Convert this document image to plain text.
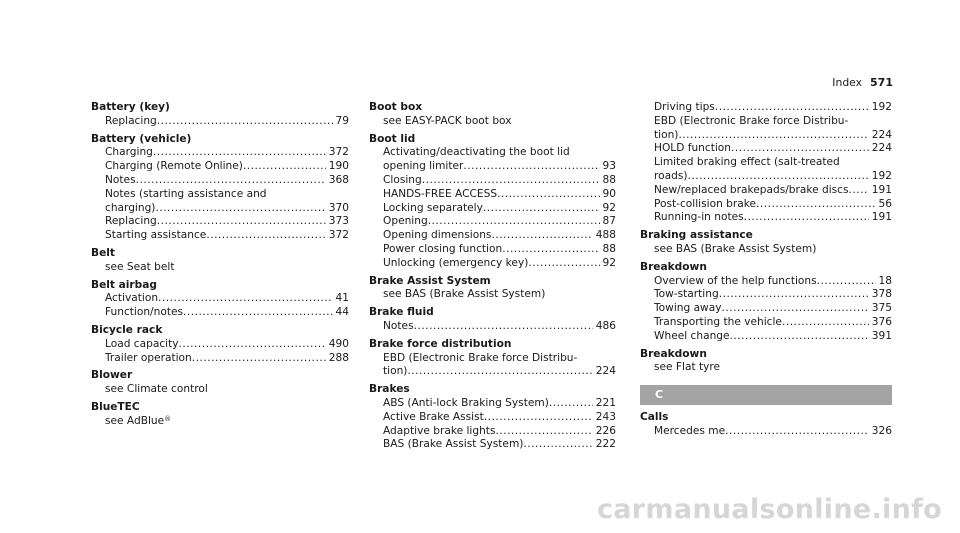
Index 571
Battery (key)
Replacing .....	79
Battery (vehicle)
Charging .....	372
Charging (Remote Online) .....	190
Notes .....	368
Notes (starting assistance and
charging) .....	370
Replacing .....	373
Starting assistance .....	372
Belt
see Seat belt
Belt airbag
Activation .....	41
Function/notes .....	44
Bicycle rack
Load capacity .....	490
Trailer operation .....	288
Blower
see Climate control
BlueTEC
see AdBlue®
Boot box
see EASY-PACK boot box
Boot lid
Activating/deactivating the boot lid
opening limiter .....	93
Closing .....	88
HANDS-FREE ACCESS .....	90
Locking separately .....	92
Opening .....	87
Opening dimensions .....	488
Power closing function .....	88
Unlocking (emergency key) .....	92
Brake Assist System
see BAS (Brake Assist System)
Brake fluid
Notes .....	486
Brake force distribution
EBD (Electronic Brake force Distribu-
tion) .....	224
Brakes
ABS (Anti-lock Braking System) .....	221
Active Brake Assist .....	243
Adaptive brake lights .....	226
BAS (Brake Assist System) .....	222
Driving tips .....	192
EBD (Electronic Brake force Distribu-
tion) .....	224
HOLD function .....	224
Limited braking effect (salt-treated
roads) .....	192
New/replaced brakepads/brake discs ..... 191
Post-collision brake .....	56
Running-in notes .....	191
Braking assistance
see BAS (Brake Assist System)
Breakdown
Overview of the help functions .....	18
Tow-starting .....	378
Towing away .....	375
Transporting the vehicle .....	376
Wheel change .....	391
Breakdown
see Flat tyre
C
Calls
Mercedes me .....	326
carmanualsonline.info
